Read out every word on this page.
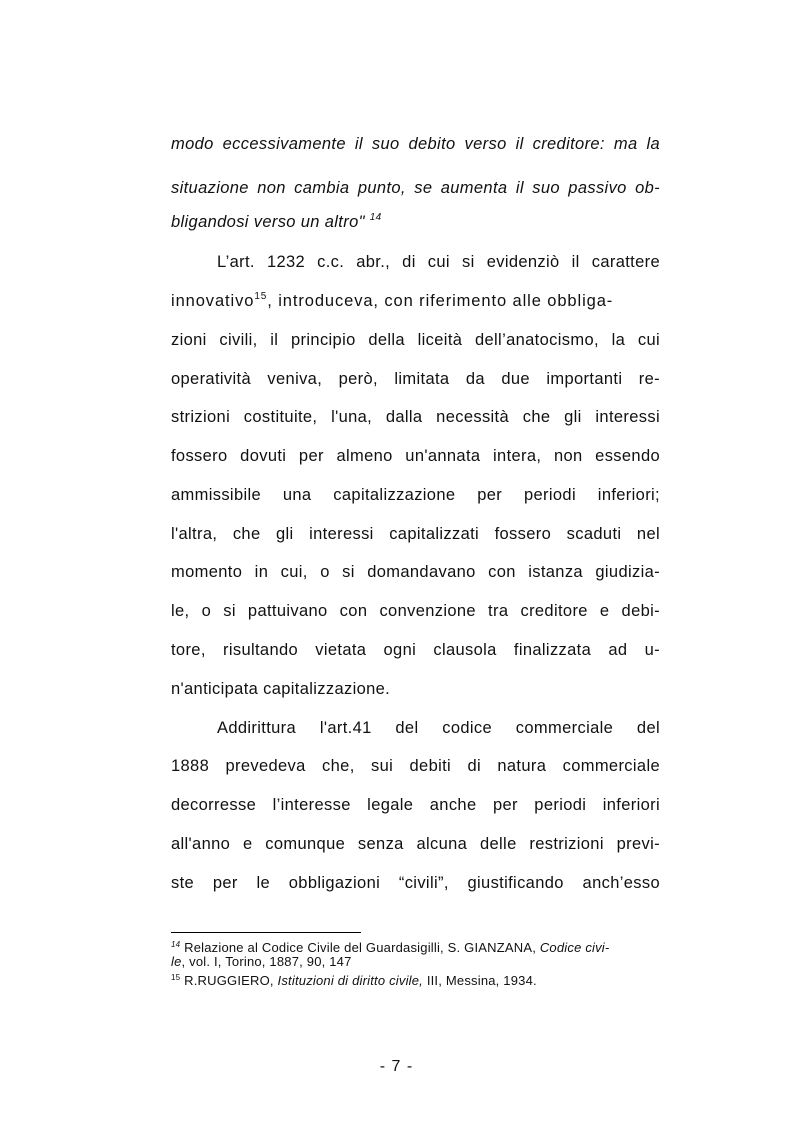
modo eccessivamente il suo debito verso il creditore: ma la
situazione non cambia punto, se aumenta il suo passivo ob-
bligandosi verso un altro" $^{14}$
L’art. 1232 c.c. abr., di cui si evidenziò il carattere
innovativo$^{15}$, introduceva, con riferimento alle obbliga-
zioni civili, il principio della liceità dell’anatocismo, la cui
operatività veniva, però, limitata da due importanti re-
strizioni costituite, l'una, dalla necessità che gli interessi
fossero dovuti per almeno un'annata intera, non essendo
ammissibile una capitalizzazione per periodi inferiori;
l'altra, che gli interessi capitalizzati fossero scaduti nel
momento in cui, o si domandavano con istanza giudizia-
le, o si pattuivano con convenzione tra creditore e debi-
tore, risultando vietata ogni clausola finalizzata ad u-
n'anticipata capitalizzazione.
Addirittura l'art.41 del codice commerciale del
1888 prevedeva che, sui debiti di natura commerciale
decorresse l’interesse legale anche per periodi inferiori
all'anno e comunque senza alcuna delle restrizioni previ-
ste per le obbligazioni “civili”, giustificando anch’esso
$^{14}$ Relazione al Codice Civile del Guardasigilli, S. GIANZANA, Codice civi-
le, vol. I, Torino, 1887, 90, 147
$^{15}$ R.RUGGIERO, Istituzioni di diritto civile, III, Messina, 1934.
- 7 -
